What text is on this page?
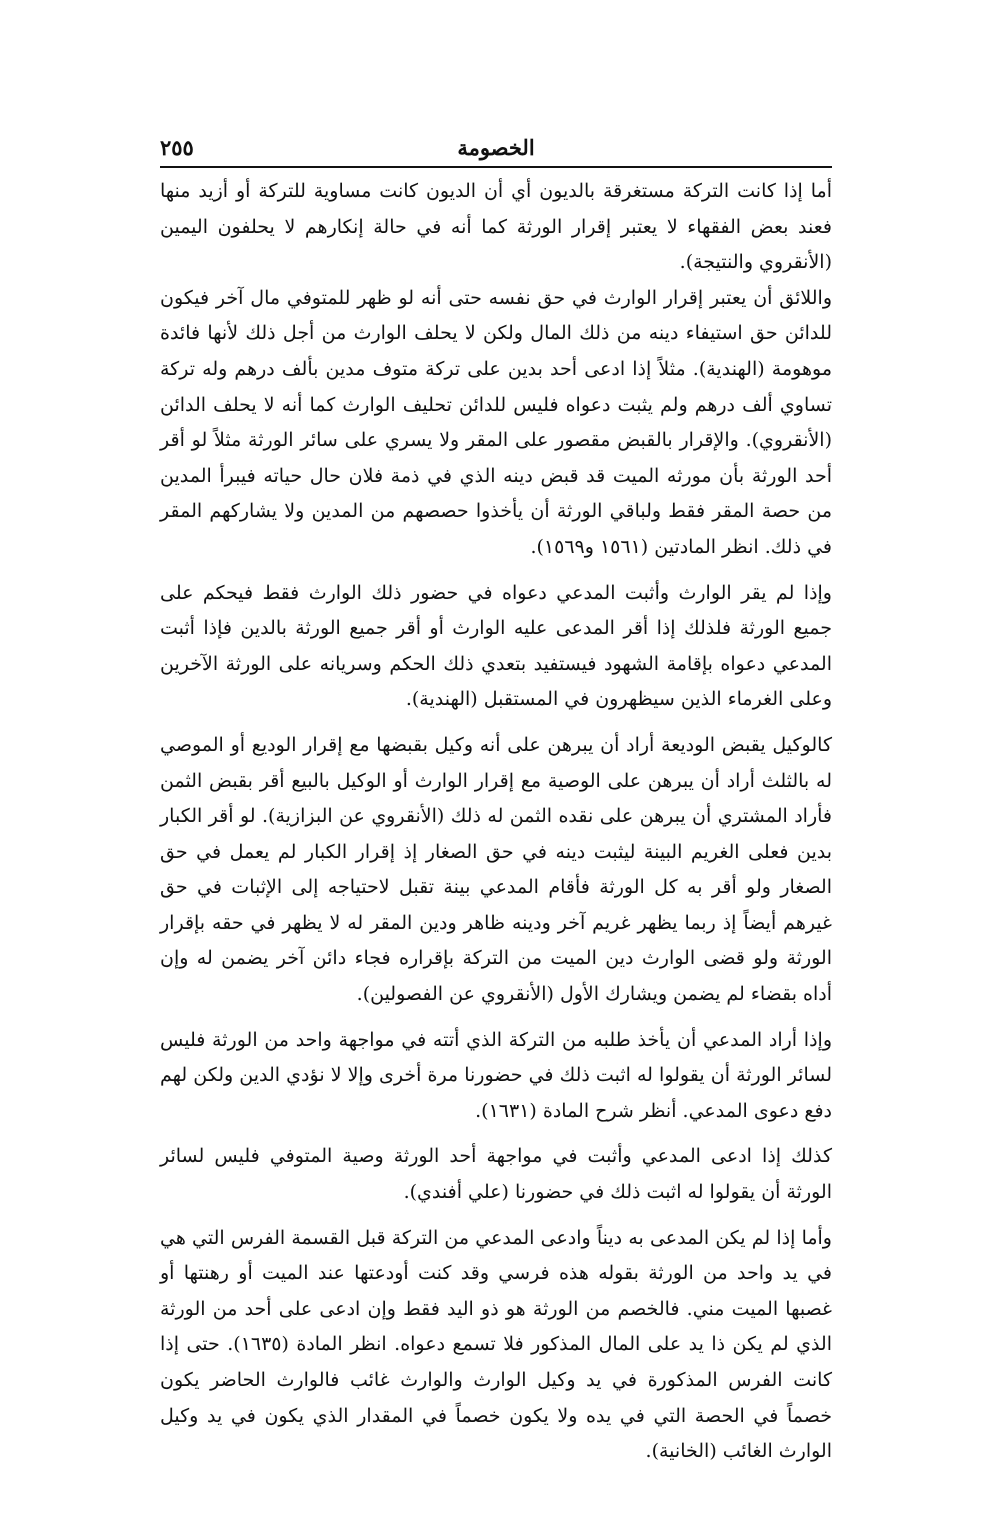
الخصومة
٢٥٥

أما إذا كانت التركة مستغرقة بالديون أي أن الديون كانت مساوية للتركة أو أزيد منها فعند بعض الفقهاء لا يعتبر إقرار الورثة كما أنه في حالة إنكارهم لا يحلفون اليمين (الأنقروي والنتيجة).

واللائق أن يعتبر إقرار الوارث في حق نفسه حتى أنه لو ظهر للمتوفي مال آخر فيكون للدائن حق استيفاء دينه من ذلك المال ولكن لا يحلف الوارث من أجل ذلك لأنها فائدة موهومة (الهندية). مثلاً إذا ادعى أحد بدين على تركة متوف مدين بألف درهم وله تركة تساوي ألف درهم ولم يثبت دعواه فليس للدائن تحليف الوارث كما أنه لا يحلف الدائن (الأنقروي). والإقرار بالقبض مقصور على المقر ولا يسري على سائر الورثة مثلاً لو أقر أحد الورثة بأن مورثه الميت قد قبض دينه الذي في ذمة فلان حال حياته فيبرأ المدين من حصة المقر فقط ولباقي الورثة أن يأخذوا حصصهم من المدين ولا يشاركهم المقر في ذلك. انظر المادتين (١٥٦١ و١٥٦٩).

وإذا لم يقر الوارث وأثبت المدعي دعواه في حضور ذلك الوارث فقط فيحكم على جميع الورثة فلذلك إذا أقر المدعى عليه الوارث أو أقر جميع الورثة بالدين فإذا أثبت المدعي دعواه بإقامة الشهود فيستفيد بتعدي ذلك الحكم وسريانه على الورثة الآخرين وعلى الغرماء الذين سيظهرون في المستقبل (الهندية).

كالوكيل يقبض الوديعة أراد أن يبرهن على أنه وكيل بقبضها مع إقرار الوديع أو الموصي له بالثلث أراد أن يبرهن على الوصية مع إقرار الوارث أو الوكيل بالبيع أقر بقبض الثمن فأراد المشتري أن يبرهن على نقده الثمن له ذلك (الأنقروي عن البزازية). لو أقر الكبار بدين فعلى الغريم البينة ليثبت دينه في حق الصغار إذ إقرار الكبار لم يعمل في حق الصغار ولو أقر به كل الورثة فأقام المدعي بينة تقبل لاحتياجه إلى الإثبات في حق غيرهم أيضاً إذ ربما يظهر غريم آخر ودينه ظاهر ودين المقر له لا يظهر في حقه بإقرار الورثة ولو قضى الوارث دين الميت من التركة بإقراره فجاء دائن آخر يضمن له وإن أداه بقضاء لم يضمن ويشارك الأول (الأنقروي عن الفصولين).

وإذا أراد المدعي أن يأخذ طلبه من التركة الذي أتته في مواجهة واحد من الورثة فليس لسائر الورثة أن يقولوا له اثبت ذلك في حضورنا مرة أخرى وإلا لا نؤدي الدين ولكن لهم دفع دعوى المدعي. أنظر شرح المادة (١٦٣١).

كذلك إذا ادعى المدعي وأثبت في مواجهة أحد الورثة وصية المتوفي فليس لسائر الورثة أن يقولوا له اثبت ذلك في حضورنا (علي أفندي).

وأما إذا لم يكن المدعى به ديناً وادعى المدعي من التركة قبل القسمة الفرس التي هي في يد واحد من الورثة بقوله هذه فرسي وقد كنت أودعتها عند الميت أو رهنتها أو غصبها الميت مني. فالخصم من الورثة هو ذو اليد فقط وإن ادعى على أحد من الورثة الذي لم يكن ذا يد على المال المذكور فلا تسمع دعواه. انظر المادة (١٦٣٥). حتى إذا كانت الفرس المذكورة في يد وكيل الوارث والوارث غائب فالوارث الحاضر يكون خصماً في الحصة التي في يده ولا يكون خصماً في المقدار الذي يكون في يد وكيل الوارث الغائب (الخانية).
